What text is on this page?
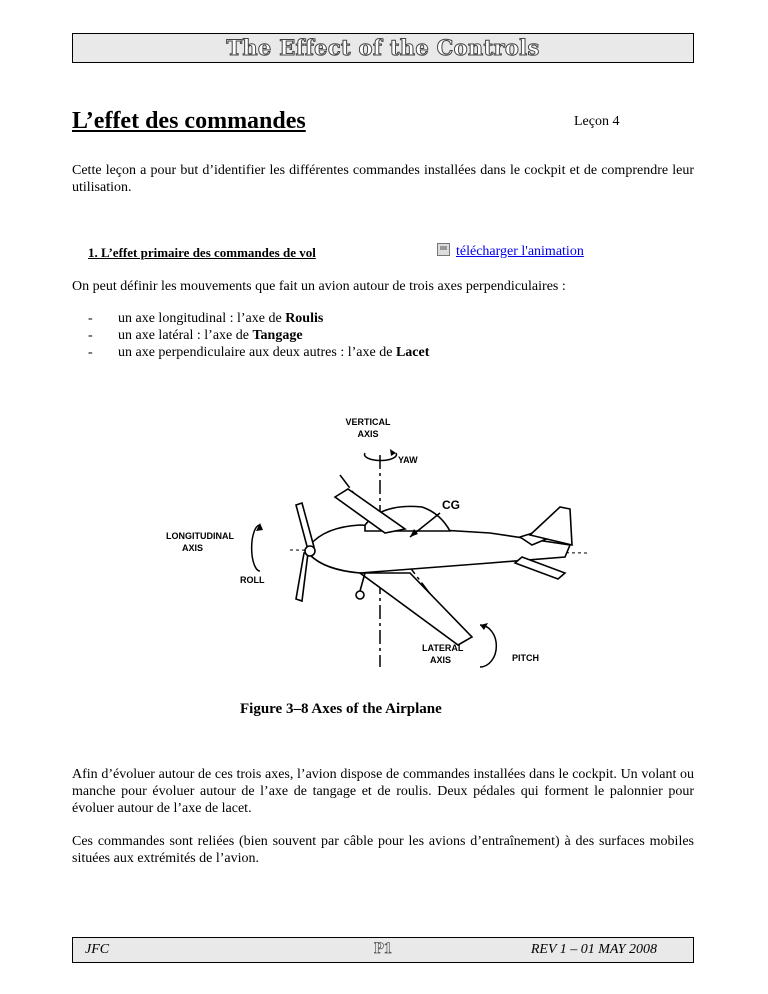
The Effect of the Controls
L’effet des commandes	Leçon 4

Cette leçon a pour but d’identifier les différentes commandes installées dans le cockpit et de comprendre leur utilisation.

1. L’effet primaire des commandes de vol	télécharger l'animation

On peut définir les mouvements que fait un avion autour de trois axes perpendiculaires :

- un axe longitudinal : l’axe de Roulis
- un axe latéral : l’axe de Tangage
- un axe perpendiculaire aux deux autres : l’axe de Lacet
VERTICAL
AXIS
YAW
CG
LONGITUDINAL
AXIS
ROLL
LATERAL
AXIS	PITCH
Figure 3–8 Axes of the Airplane

Afin d’évoluer autour de ces trois axes, l’avion dispose de commandes installées dans le cockpit. Un volant ou manche pour évoluer autour de l’axe de tangage et de roulis. Deux pédales qui forment le palonnier pour évoluer autour de l’axe de lacet.

Ces commandes sont reliées (bien souvent par câble pour les avions d’entraînement) à des surfaces mobiles situées aux extrémités de l’avion.

JFC	P1	REV 1 – 01 MAY 2008
